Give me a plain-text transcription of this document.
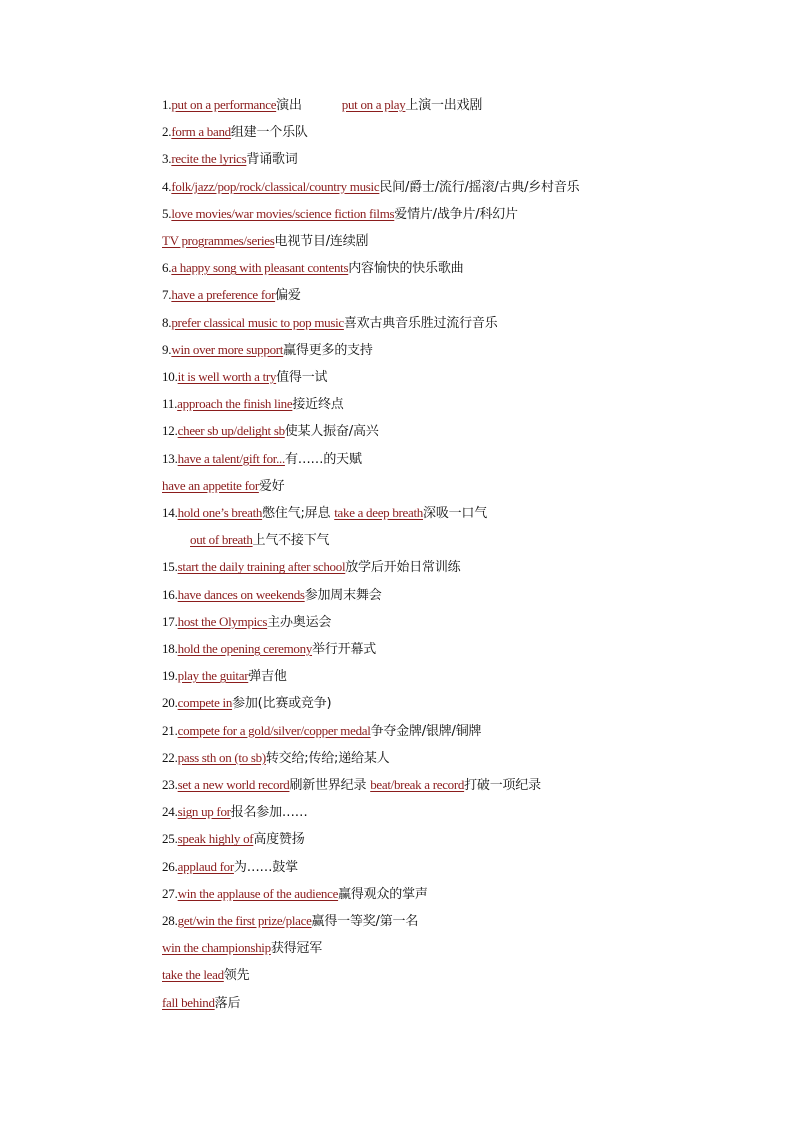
1.put on a performance演出	put on a play上演一出戏剧
2.form a band组建一个乐队
3.recite the lyrics背诵歌词
4.folk/jazz/pop/rock/classical/country music民间/爵士/流行/摇滚/古典/乡村音乐
5.love movies/war movies/science fiction films爱情片/战争片/科幻片
TV programmes/series电视节目/连续剧
6.a happy song with pleasant contents内容愉快的快乐歌曲
7.have a preference for偏爱
8.prefer classical music to pop music喜欢古典音乐胜过流行音乐
9.win over more support赢得更多的支持
10.it is well worth a try值得一试
11.approach the finish line接近终点
12.cheer sb up/delight sb使某人振奋/高兴
13.have a talent/gift for...有……的天赋
have an appetite for爱好
14.hold one’s breath憋住气;屏息 take a deep breath深吸一口气
out of breath上气不接下气
15.start the daily training after school放学后开始日常训练
16.have dances on weekends参加周末舞会
17.host the Olympics主办奥运会
18.hold the opening ceremony举行开幕式
19.play the guitar弹吉他
20.compete in参加(比赛或竞争)
21.compete for a gold/silver/copper medal争夺金牌/银牌/铜牌
22.pass sth on (to sb)转交给;传给;递给某人
23.set a new world record刷新世界纪录 beat/break a record打破一项纪录
24.sign up for报名参加……
25.speak highly of高度赞扬
26.applaud for为……鼓掌
27.win the applause of the audience赢得观众的掌声
28.get/win the first prize/place赢得一等奖/第一名
win the championship获得冠军
take the lead领先
fall behind落后
